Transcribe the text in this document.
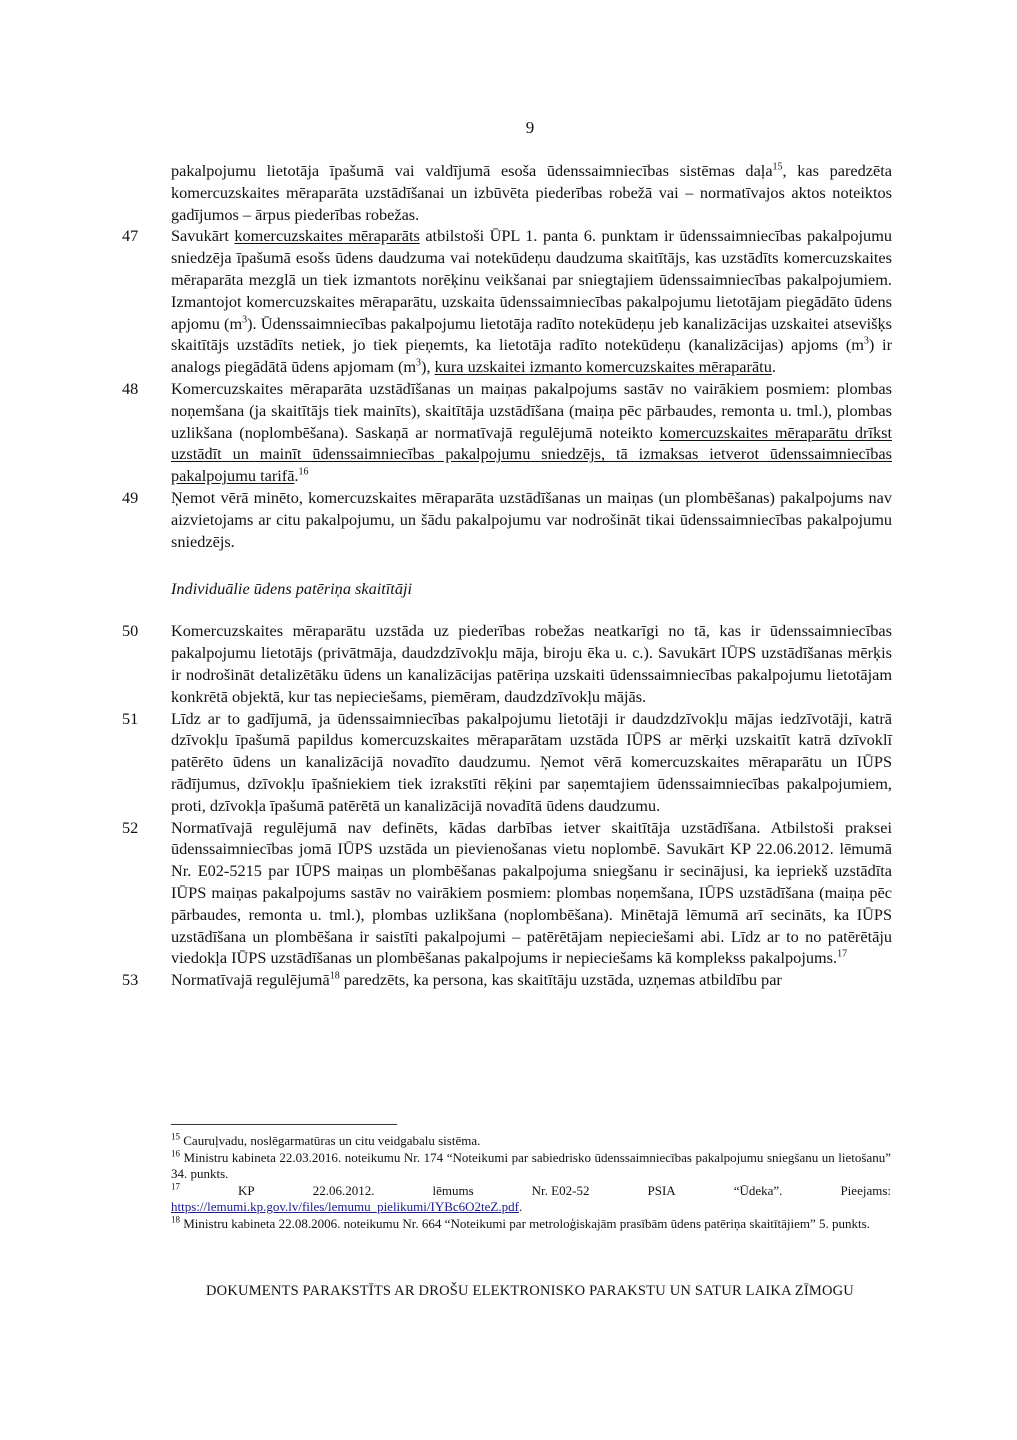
9
pakalpojumu lietotāja īpašumā vai valdījumā esoša ūdenssaimniecības sistēmas daļa$^{15}$, kas paredzēta komercuzskaites mēraparāta uzstādīšanai un izbūvēta piederības robežā vai – normatīvajos aktos noteiktos gadījumos – ārpus piederības robežas.
47	Savukārt komercuzskaites mēraparāts atbilstoši ŪPL 1. panta 6. punktam ir ūdenssaimniecības pakalpojumu sniedzēja īpašumā esošs ūdens daudzuma vai notekūdeņu daudzuma skaitītājs, kas uzstādīts komercuzskaites mēraparāta mezglā un tiek izmantots norēķinu veikšanai par sniegtajiem ūdenssaimniecības pakalpojumiem. Izmantojot komercuzskaites mēraparātu, uzskaita ūdenssaimniecības pakalpojumu lietotājam piegādāto ūdens apjomu $(m^3)$. Ūdenssaimniecības pakalpojumu lietotāja radīto notekūdeņu jeb kanalizācijas uzskaitei atsevišķs skaitītājs uzstādīts netiek, jo tiek pieņemts, ka lietotāja radīto notekūdeņu (kanalizācijas) apjoms $(m^3)$ ir analogs piegādātā ūdens apjomam $(m^3)$, kura uzskaitei izmanto komercuzskaites mēraparātu.
48	Komercuzskaites mēraparāta uzstādīšanas un maiņas pakalpojums sastāv no vairākiem posmiem: plombas noņemšana (ja skaitītājs tiek mainīts), skaitītāja uzstādīšana (maiņa pēc pārbaudes, remonta u. tml.), plombas uzlikšana (noplombēšana). Saskaņā ar normatīvajā regulējumā noteikto komercuzskaites mēraparātu drīkst uzstādīt un mainīt ūdenssaimniecības pakalpojumu sniedzējs, tā izmaksas ietverot ūdenssaimniecības pakalpojumu tarifā.$^{16}$
49	Ņemot vērā minēto, komercuzskaites mēraparāta uzstādīšanas un maiņas (un plombēšanas) pakalpojums nav aizvietojams ar citu pakalpojumu, un šādu pakalpojumu var nodrošināt tikai ūdenssaimniecības pakalpojumu sniedzējs.
Individuālie ūdens patēriņa skaitītāji
50	Komercuzskaites mēraparātu uzstāda uz piederības robežas neatkarīgi no tā, kas ir ūdenssaimniecības pakalpojumu lietotājs (privātmāja, daudzdzīvokļu māja, biroju ēka u. c.). Savukārt IŪPS uzstādīšanas mērķis ir nodrošināt detalizētāku ūdens un kanalizācijas patēriņa uzskaiti ūdenssaimniecības pakalpojumu lietotājam konkrētā objektā, kur tas nepieciešams, piemēram, daudzdzīvokļu mājās.
51	Līdz ar to gadījumā, ja ūdenssaimniecības pakalpojumu lietotāji ir daudzdzīvokļu mājas iedzīvotāji, katrā dzīvokļu īpašumā papildus komercuzskaites mēraparātam uzstāda IŪPS ar mērķi uzskaitīt katrā dzīvoklī patērēto ūdens un kanalizācijā novadīto daudzumu. Ņemot vērā komercuzskaites mēraparātu un IŪPS rādījumus, dzīvokļu īpašniekiem tiek izrakstīti rēķini par saņemtajiem ūdenssaimniecības pakalpojumiem, proti, dzīvokļa īpašumā patērētā un kanalizācijā novadītā ūdens daudzumu.
52	Normatīvajā regulējumā nav definēts, kādas darbības ietver skaitītāja uzstādīšana. Atbilstoši praksei ūdenssaimniecības jomā IŪPS uzstāda un pievienošanas vietu noplombē. Savukārt KP 22.06.2012. lēmumā Nr. E02-5215 par IŪPS maiņas un plombēšanas pakalpojuma sniegšanu ir secinājusi, ka iepriekš uzstādīta IŪPS maiņas pakalpojums sastāv no vairākiem posmiem: plombas noņemšana, IŪPS uzstādīšana (maiņa pēc pārbaudes, remonta u. tml.), plombas uzlikšana (noplombēšana). Minētajā lēmumā arī secināts, ka IŪPS uzstādīšana un plombēšana ir saistīti pakalpojumi – patērētājam nepieciešami abi. Līdz ar to no patērētāju viedokļa IŪPS uzstādīšanas un plombēšanas pakalpojums ir nepieciešams kā komplekss pakalpojums.$^{17}$
53	Normatīvajā regulējumā$^{18}$ paredzēts, ka persona, kas skaitītāju uzstāda, uzņemas atbildību par
$^{15}$ Cauruļvadu, noslēgarmatūras un citu veidgabalu sistēma.
$^{16}$ Ministru kabineta 22.03.2016. noteikumu Nr. 174 “Noteikumi par sabiedrisko ūdenssaimniecības pakalpojumu sniegšanu un lietošanu” 34. punkts.
$^{17}$	KP	22.06.2012.	lēmums	Nr. E02-52	PSIA	“Ūdeka”.	Pieejams:
https://lemumi.kp.gov.lv/files/lemumu_pielikumi/IYBc6O2teZ.pdf.
$^{18}$ Ministru kabineta 22.08.2006. noteikumu Nr. 664 “Noteikumi par metroloģiskajām prasībām ūdens patēriņa skaitītājiem” 5. punkts.
DOKUMENTS PARAKSTĪTS AR DROŠU ELEKTRONISKO PARAKSTU UN SATUR LAIKA ZĪMOGU
